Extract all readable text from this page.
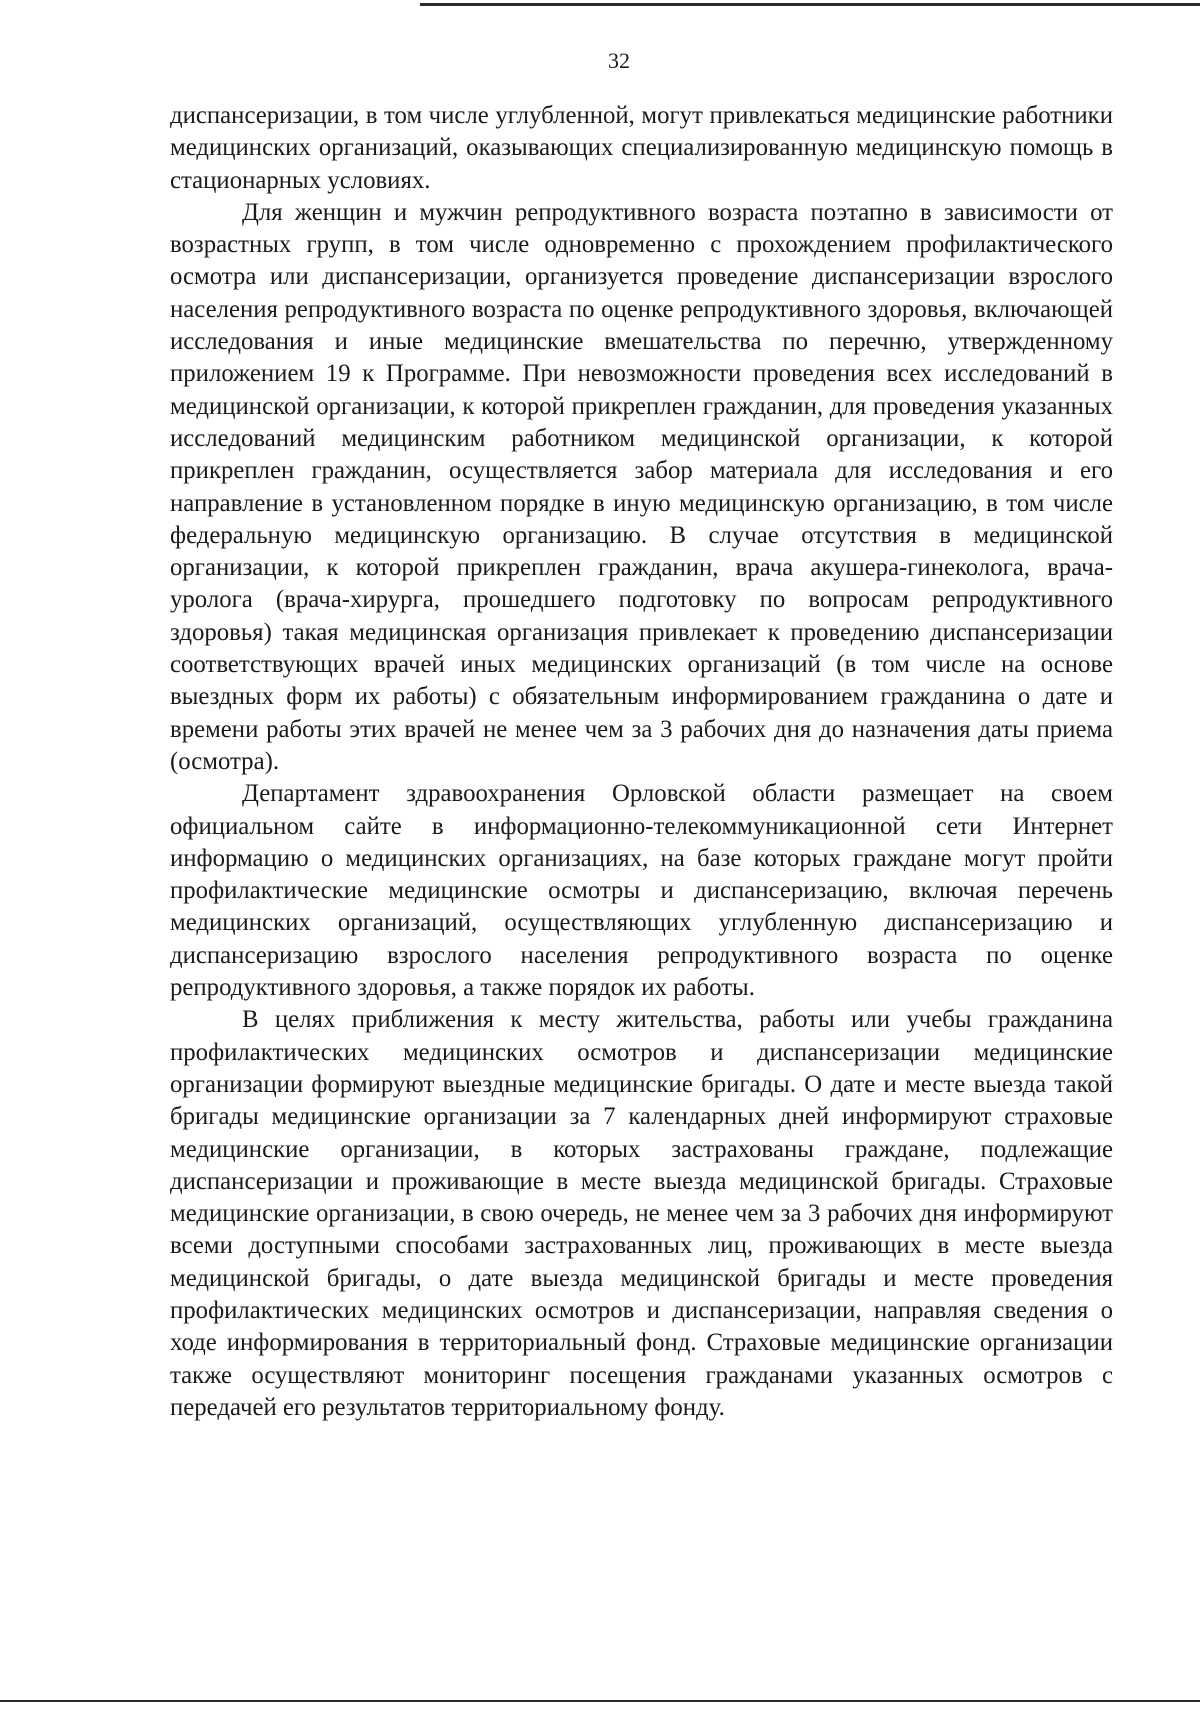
32

диспансеризации, в том числе углубленной, могут привлекаться медицинские работники медицинских организаций, оказывающих специализированную медицинскую помощь в стационарных условиях.

Для женщин и мужчин репродуктивного возраста поэтапно в зависимости от возрастных групп, в том числе одновременно с прохождением профилактического осмотра или диспансеризации, организуется проведение диспансеризации взрослого населения репродуктивного возраста по оценке репродуктивного здоровья, включающей исследования и иные медицинские вмешательства по перечню, утвержденному приложением 19 к Программе. При невозможности проведения всех исследований в медицинской организации, к которой прикреплен гражданин, для проведения указанных исследований медицинским работником медицинской организации, к которой прикреплен гражданин, осуществляется забор материала для исследования и его направление в установленном порядке в иную медицинскую организацию, в том числе федеральную медицинскую организацию. В случае отсутствия в медицинской организации, к которой прикреплен гражданин, врача акушера-гинеколога, врача-уролога (врача-хирурга, прошедшего подготовку по вопросам репродуктивного здоровья) такая медицинская организация привлекает к проведению диспансеризации соответствующих врачей иных медицинских организаций (в том числе на основе выездных форм их работы) с обязательным информированием гражданина о дате и времени работы этих врачей не менее чем за 3 рабочих дня до назначения даты приема (осмотра).

Департамент здравоохранения Орловской области размещает на своем официальном сайте в информационно-телекоммуникационной сети Интернет информацию о медицинских организациях, на базе которых граждане могут пройти профилактические медицинские осмотры и диспансеризацию, включая перечень медицинских организаций, осуществляющих углубленную диспансеризацию и диспансеризацию взрослого населения репродуктивного возраста по оценке репродуктивного здоровья, а также порядок их работы.

В целях приближения к месту жительства, работы или учебы гражданина профилактических медицинских осмотров и диспансеризации медицинские организации формируют выездные медицинские бригады. О дате и месте выезда такой бригады медицинские организации за 7 календарных дней информируют страховые медицинские организации, в которых застрахованы граждане, подлежащие диспансеризации и проживающие в месте выезда медицинской бригады. Страховые медицинские организации, в свою очередь, не менее чем за 3 рабочих дня информируют всеми доступными способами застрахованных лиц, проживающих в месте выезда медицинской бригады, о дате выезда медицинской бригады и месте проведения профилактических медицинских осмотров и диспансеризации, направляя сведения о ходе информирования в территориальный фонд. Страховые медицинские организации также осуществляют мониторинг посещения гражданами указанных осмотров с передачей его результатов территориальному фонду.
